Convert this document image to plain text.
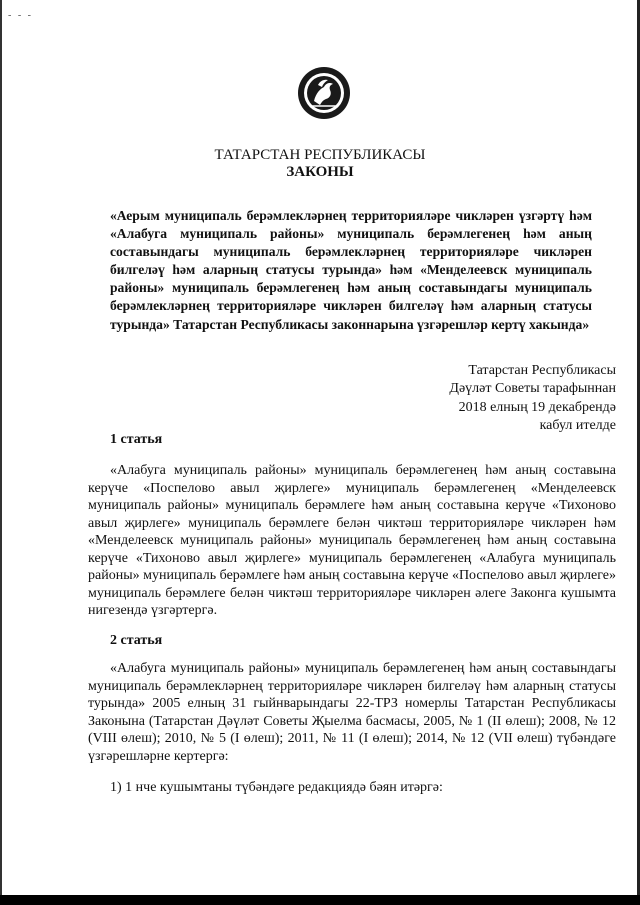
- - -
ТАТАРСТАН РЕСПУБЛИКАСЫ
ЗАКОНЫ
«Аерым муниципаль берәмлекләрнең территорияләре чикләрен үзгәртү һәм «Алабуга муниципаль районы» муниципаль берәмлегенең һәм аның составындагы муниципаль берәмлекләрнең территорияләре чикләрен билгеләү һәм аларның статусы турында» һәм «Менделеевск муниципаль районы» муниципаль берәмлегенең һәм аның составындагы муниципаль берәмлекләрнең территорияләре чикләрен билгеләү һәм аларның статусы турында» Татарстан Республикасы законнарына үзгәрешләр кертү хакында»
Татарстан Республикасы
Дәүләт Советы тарафыннан
2018 елның 19 декабрендә
кабул ителде
1 статья

«Алабуга муниципаль районы» муниципаль берәмлегенең һәм аның составына керүче «Поспелово авыл җирлеге» муниципаль берәмлегенең «Менделеевск муниципаль районы» муниципаль берәмлеге һәм аның составына керүче «Тихоново авыл җирлеге» муниципаль берәмлеге белән чиктәш территорияләре чикләрен һәм «Менделеевск муниципаль районы» муниципаль берәмлегенең һәм аның составына керүче «Тихоново авыл җирлеге» муниципаль берәмлегенең «Алабуга муниципаль районы» муниципаль берәмлеге һәм аның составына керүче «Поспелово авыл җирлеге» муниципаль берәмлеге белән чиктәш территорияләре чикләрен әлеге Законга кушымта нигезендә үзгәртергә.

2 статья

«Алабуга муниципаль районы» муниципаль берәмлегенең һәм аның составындагы муниципаль берәмлекләрнең территорияләре чикләрен билгеләү һәм аларның статусы турында» 2005 елның 31 гыйнварындагы 22-ТРЗ номерлы Татарстан Республикасы Законына (Татарстан Дәүләт Советы Җыелма басмасы, 2005, № 1 (II өлеш); 2008, № 12 (VIII өлеш); 2010, № 5 (I өлеш); 2011, № 11 (I өлеш); 2014, № 12 (VII өлеш) түбәндәге үзгәрешләрне кертергә:

1) 1 нче кушымтаны түбәндәге редакциядә бәян итәргә:
